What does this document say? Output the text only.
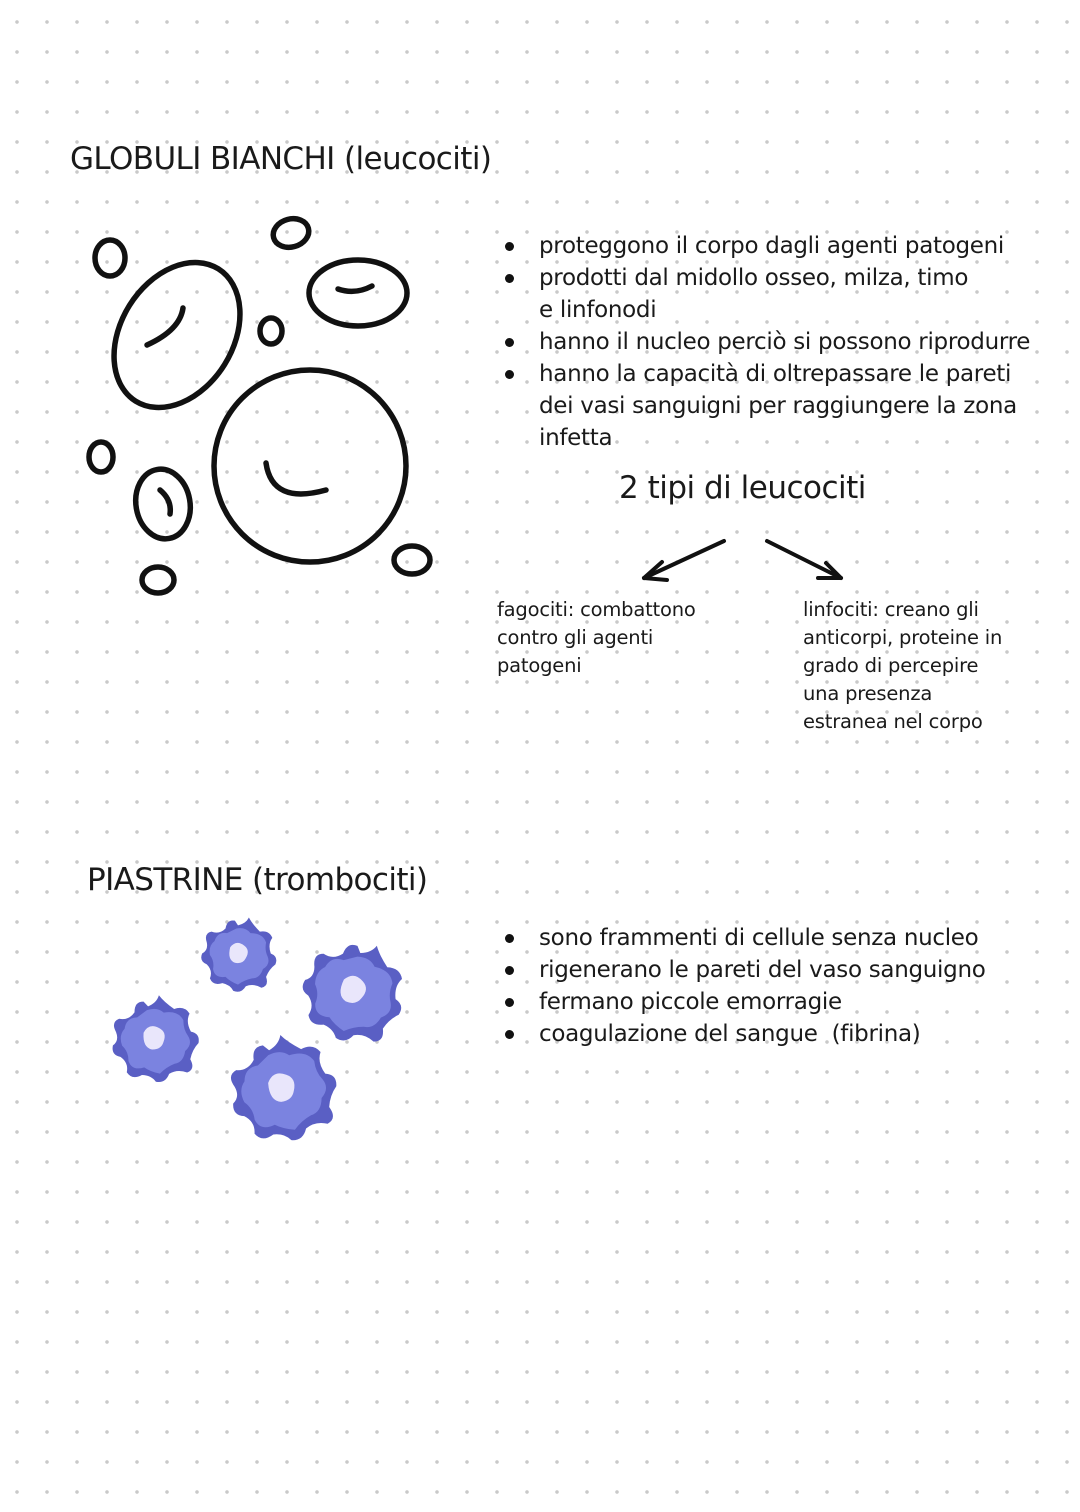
GLOBULI BIANCHI (leucociti)
proteggono il corpo dagli agenti patogeni
prodotti dal midollo osseo, milza, timo e linfonodi
hanno il nucleo perciò si possono riprodurre
hanno la capacità di oltrepassare le pareti dei vasi sanguigni per raggiungere la zona infetta
2 tipi di leucociti
fagociti: combattono contro gli agenti patogeni
linfociti: creano gli anticorpi, proteine in grado di percepire una presenza estranea nel corpo
PIASTRINE (trombociti)
sono frammenti di cellule senza nucleo
rigenerano le pareti del vaso sanguigno
fermano piccole emorragie
coagulazione del sangue  (fibrina)
